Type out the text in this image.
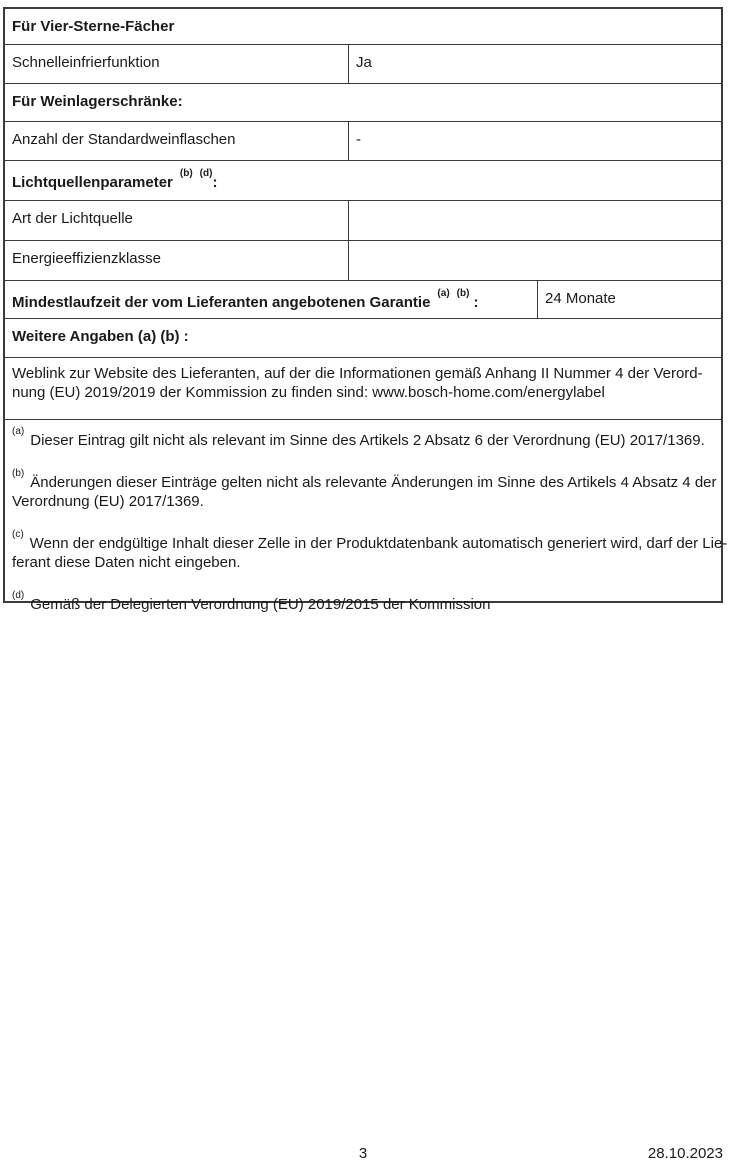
Für Vier-Sterne-Fächer
Schnelleinfrierfunktion	Ja
Für Weinlagerschränke:
Anzahl der Standardweinflaschen	-
Lichtquellenparameter$^{(b)}$ $^{(d)}$:
Art der Lichtquelle
Energieeffizienzklasse
Mindestlaufzeit der vom Lieferanten angebotenen Garantie$^{(a)}$ $^{(b)}$:	24 Monate
Weitere Angaben (a) (b) :
Weblink zur Website des Lieferanten, auf der die Informationen gemäß Anhang II Nummer 4 der Verord-
nung (EU) 2019/2019 der Kommission zu finden sind: www.bosch-home.com/energylabel
$^{(a)}$Dieser Eintrag gilt nicht als relevant im Sinne des Artikels 2 Absatz 6 der Verordnung (EU) 2017/1369.
$^{(b)}$Änderungen dieser Einträge gelten nicht als relevante Änderungen im Sinne des Artikels 4 Absatz 4 der
Verordnung (EU) 2017/1369.
$^{(c)}$Wenn der endgültige Inhalt dieser Zelle in der Produktdatenbank automatisch generiert wird, darf der Lie-
ferant diese Daten nicht eingeben.
$^{(d)}$Gemäß der Delegierten Verordnung (EU) 2019/2015 der Kommission
3	28.10.2023
